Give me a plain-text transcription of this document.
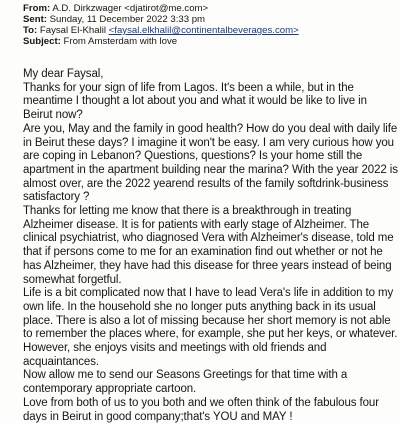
From: A.D. Dirkzwager <djatirot@me.com>
Sent: Sunday, 11 December 2022 3:33 pm
To: Faysal El-Khalil <faysal.elkhalil@continentalbeverages.com>
Subject: From Amsterdam with love

My dear Faysal,

Thanks for your sign of life from Lagos. It's been a while, but in the meantime I thought a lot about you and what it would be like to live in Beirut now?

Are you, May and the family in good health? How do you deal with daily life in Beirut these days? I imagine it won't be easy. I am very curious how you are coping in Lebanon? Questions, questions? Is your home still the apartment in the apartment building near the marina? With the year 2022 is almost over, are the 2022 yearend results of the family softdrink-business satisfactory ?

Thanks for letting me know that there is a breakthrough in treating Alzheimer disease. It is for patients with early stage of Alzheimer. The clinical psychiatrist, who diagnosed Vera with Alzheimer's disease, told me that if persons come to me for an examination find out whether or not he has Alzheimer, they have had this disease for three years instead of being somewhat forgetful.

Life is a bit complicated now that I have to lead Vera's life in addition to my own life. In the household she no longer puts anything back in its usual place. There is also a lot of missing because her short memory is not able to remember the places where, for example, she put her keys, or whatever. However, she enjoys visits and meetings with old friends and acquaintances.

Now allow me to send our Seasons Greetings for that time with a contemporary appropriate cartoon.

Love from both of us to you both and we often think of the fabulous four days in Beirut in good company;that's YOU and MAY !
